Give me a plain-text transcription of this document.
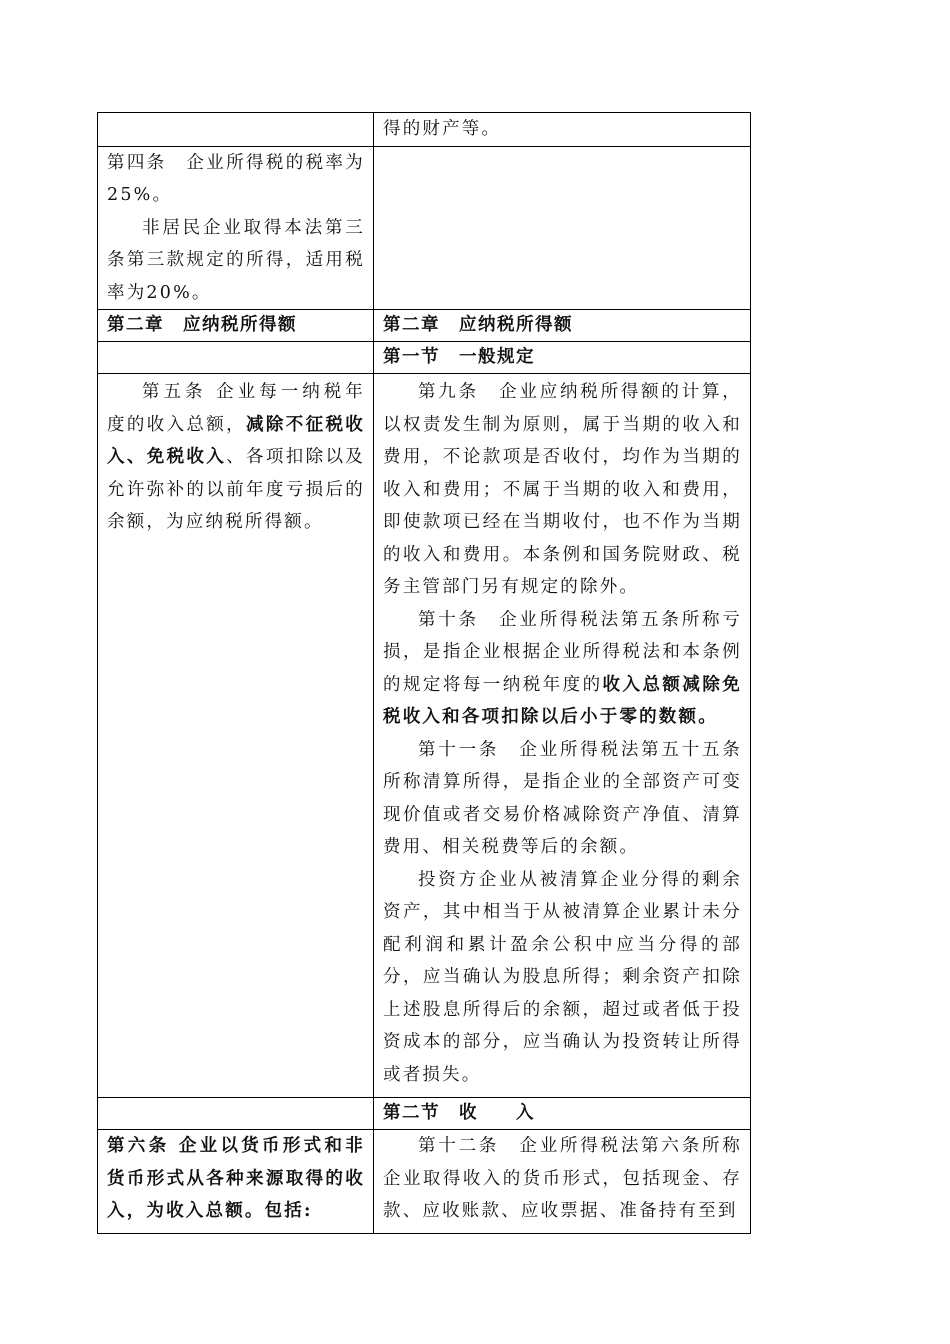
	得的财产等。

第四条　企业所得税的税率为25%。

非居民企业取得本法第三条第三款规定的所得，适用税率为20%。	

第二章　应纳税所得额	第二章　应纳税所得额

	第一节　一般规定

第五条 企业每一纳税年度的收入总额，减除不征税收入、免税收入、各项扣除以及允许弥补的以前年度亏损后的余额，为应纳税所得额。	第九条　企业应纳税所得额的计算，以权责发生制为原则，属于当期的收入和费用，不论款项是否收付，均作为当期的收入和费用；不属于当期的收入和费用，即使款项已经在当期收付，也不作为当期的收入和费用。本条例和国务院财政、税务主管部门另有规定的除外。

第十条　企业所得税法第五条所称亏损，是指企业根据企业所得税法和本条例的规定将每一纳税年度的收入总额减除免税收入和各项扣除以后小于零的数额。

第十一条　企业所得税法第五十五条所称清算所得，是指企业的全部资产可变现价值或者交易价格减除资产净值、清算费用、相关税费等后的余额。

投资方企业从被清算企业分得的剩余资产，其中相当于从被清算企业累计未分配利润和累计盈余公积中应当分得的部分，应当确认为股息所得；剩余资产扣除上述股息所得后的余额，超过或者低于投资成本的部分，应当确认为投资转让所得或者损失。

	第二节　收　　入

第六条 企业以货币形式和非货币形式从各种来源取得的收入，为收入总额。包括:	第十二条　企业所得税法第六条所称企业取得收入的货币形式，包括现金、存款、应收账款、应收票据、准备持有至到
